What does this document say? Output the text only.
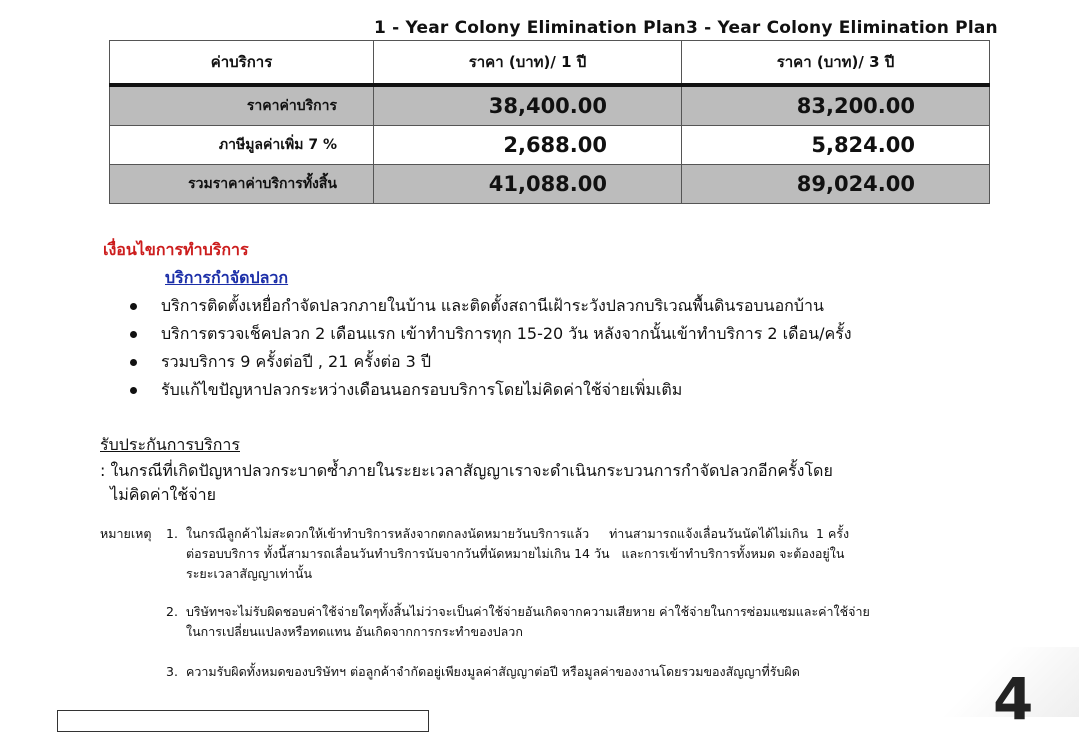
1 - Year Colony Elimination Plan 3 - Year Colony Elimination Plan
ค่าบริการ	ราคา (บาท)/ 1 ปี	ราคา (บาท)/ 3 ปี
ราคาค่าบริการ	38,400.00	83,200.00
ภาษีมูลค่าเพิ่ม 7 %	2,688.00	5,824.00
รวมราคาค่าบริการทั้งสิ้น	41,088.00	89,024.00
เงื่อนไขการทำบริการ
บริการกำจัดปลวก
บริการติดตั้งเหยื่อกำจัดปลวกภายในบ้าน และติดตั้งสถานีเฝ้าระวังปลวกบริเวณพื้นดินรอบนอกบ้าน
บริการตรวจเช็คปลวก 2 เดือนแรก เข้าทำบริการทุก 15-20 วัน หลังจากนั้นเข้าทำบริการ 2 เดือน/ครั้ง
รวมบริการ 9 ครั้งต่อปี , 21 ครั้งต่อ 3 ปี
รับแก้ไขปัญหาปลวกระหว่างเดือนนอกรอบบริการโดยไม่คิดค่าใช้จ่ายเพิ่มเติม
รับประกันการบริการ
: ในกรณีที่เกิดปัญหาปลวกระบาดซ้ำภายในระยะเวลาสัญญาเราจะดำเนินกระบวนการกำจัดปลวกอีกครั้งโดย
ไม่คิดค่าใช้จ่าย
หมายเหตุ 1. ในกรณีลูกค้าไม่สะดวกให้เข้าทำบริการหลังจากตกลงนัดหมายวันบริการแล้ว     ท่านสามารถแจ้งเลื่อนวันนัดได้ไม่เกิน  1 ครั้ง
ต่อรอบบริการ ทั้งนี้สามารถเลื่อนวันทำบริการนับจากวันที่นัดหมายไม่เกิน 14 วัน   และการเข้าทำบริการทั้งหมด จะต้องอยู่ใน
ระยะเวลาสัญญาเท่านั้น
2. บริษัทฯจะไม่รับผิดชอบค่าใช้จ่ายใดๆทั้งสิ้นไม่ว่าจะเป็นค่าใช้จ่ายอันเกิดจากความเสียหาย ค่าใช้จ่ายในการซ่อมแซมและค่าใช้จ่าย
ในการเปลี่ยนแปลงหรือทดแทน อันเกิดจากการกระทำของปลวก
3. ความรับผิดทั้งหมดของบริษัทฯ ต่อลูกค้าจำกัดอยู่เพียงมูลค่าสัญญาต่อปี หรือมูลค่าของงานโดยรวมของสัญญาที่รับผิด	4
